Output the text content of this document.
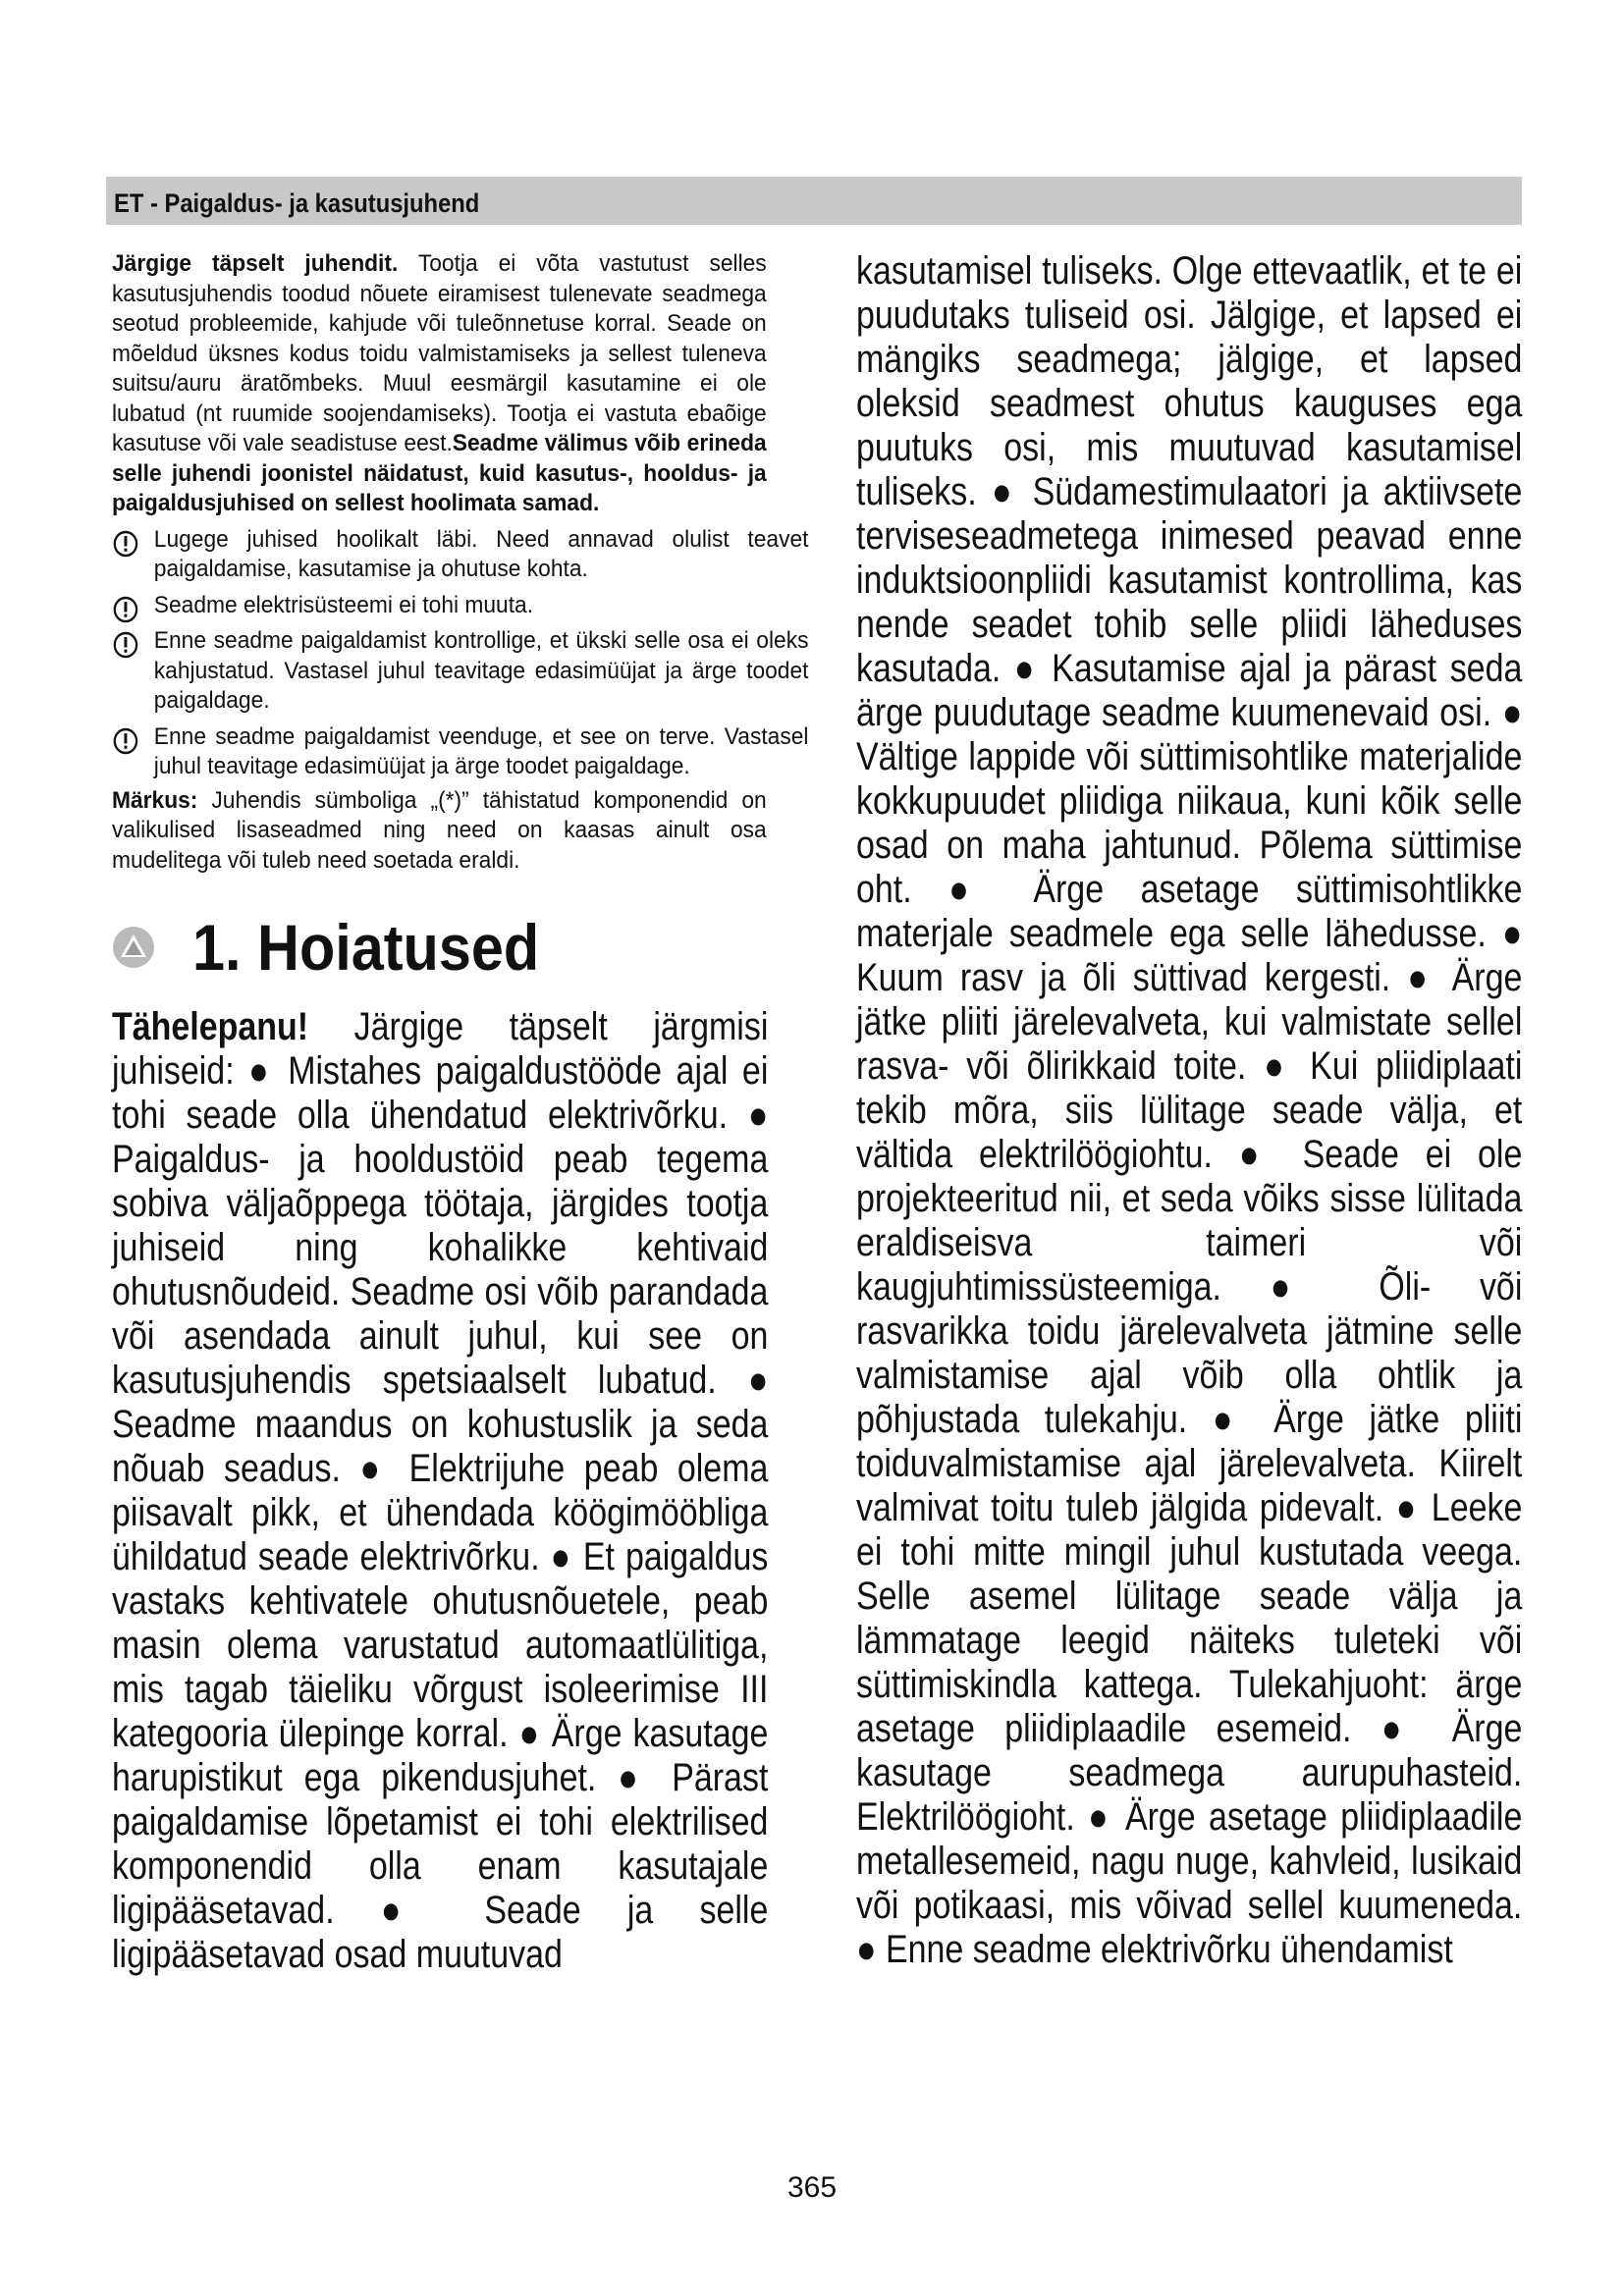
ET - Paigaldus- ja kasutusjuhend

Järgige täpselt juhendit. Tootja ei võta vastutust selles kasutusjuhendis toodud nõuete eiramisest tulenevate seadmega seotud probleemide, kahjude või tuleõnnetuse korral. Seade on mõeldud üksnes kodus toidu valmistamiseks ja sellest tuleneva suitsu/auru äratõmbeks. Muul eesmärgil kasutamine ei ole lubatud (nt ruumide soojendamiseks). Tootja ei vastuta ebaõige kasutuse või vale seadistuse eest.Seadme välimus võib erineda selle juhendi joonistel näidatust, kuid kasutus-, hooldus- ja paigaldusjuhised on sellest hoolimata samad.

Lugege juhised hoolikalt läbi. Need annavad olulist teavet paigaldamise, kasutamise ja ohutuse kohta.

Seadme elektrisüsteemi ei tohi muuta.

Enne seadme paigaldamist kontrollige, et ükski selle osa ei oleks kahjustatud. Vastasel juhul teavitage edasimüüjat ja ärge toodet paigaldage.

Enne seadme paigaldamist veenduge, et see on terve. Vastasel juhul teavitage edasimüüjat ja ärge toodet paigaldage.

Märkus: Juhendis sümboliga „(*)” tähistatud komponendid on valikulised lisaseadmed ning need on kaasas ainult osa mudelitega või tuleb need soetada eraldi.

1. Hoiatused

Tähelepanu! Järgige täpselt järgmisi juhiseid: ● Mistahes paigaldustööde ajal ei tohi seade olla ühendatud elektrivõrku. ● Paigaldus- ja hooldustöid peab tegema sobiva väljaõppega töötaja, järgides tootja juhiseid ning kohalikke kehtivaid ohutusnõudeid. Seadme osi võib parandada või asendada ainult juhul, kui see on kasutusjuhendis spetsiaalselt lubatud. ● Seadme maandus on kohustuslik ja seda nõuab seadus. ● Elektrijuhe peab olema piisavalt pikk, et ühendada köögimööbliga ühildatud seade elektrivõrku. ● Et paigaldus vastaks kehtivatele ohutusnõuetele, peab masin olema varustatud automaatlülitiga, mis tagab täieliku võrgust isoleerimise III kategooria ülepinge korral. ● Ärge kasutage harupistikut ega pikendusjuhet. ● Pärast paigaldamise lõpetamist ei tohi elektrilised komponendid olla enam kasutajale ligipääsetavad. ● Seade ja selle ligipääsetavad osad muutuvad

kasutamisel tuliseks. Olge ettevaatlik, et te ei puudutaks tuliseid osi. Jälgige, et lapsed ei mängiks seadmega; jälgige, et lapsed oleksid seadmest ohutus kauguses ega puutuks osi, mis muutuvad kasutamisel tuliseks. ● Südamestimulaatori ja aktiivsete terviseseadmetega inimesed peavad enne induktsioonpliidi kasutamist kontrollima, kas nende seadet tohib selle pliidi läheduses kasutada. ● Kasutamise ajal ja pärast seda ärge puudutage seadme kuumenevaid osi. ● Vältige lappide või süttimisohtlike materjalide kokkupuudet pliidiga niikaua, kuni kõik selle osad on maha jahtunud. Põlema süttimise oht. ● Ärge asetage süttimisohtlikke materjale seadmele ega selle lähedusse. ● Kuum rasv ja õli süttivad kergesti. ● Ärge jätke pliiti järelevalveta, kui valmistate sellel rasva- või õlirikkaid toite. ● Kui pliidiplaati tekib mõra, siis lülitage seade välja, et vältida elektrilöögiohtu. ● Seade ei ole projekteeritud nii, et seda võiks sisse lülitada eraldiseisva taimeri või kaugjuhtimissüsteemiga. ● Õli- või rasvarikka toidu järelevalveta jätmine selle valmistamise ajal võib olla ohtlik ja põhjustada tulekahju. ● Ärge jätke pliiti toiduvalmistamise ajal järelevalveta. Kiirelt valmivat toitu tuleb jälgida pidevalt. ● Leeke ei tohi mitte mingil juhul kustutada veega. Selle asemel lülitage seade välja ja lämmatage leegid näiteks tuleteki või süttimiskindla kattega. Tulekahjuoht: ärge asetage pliidiplaadile esemeid. ● Ärge kasutage seadmega aurupuhasteid. Elektrilöögioht. ● Ärge asetage pliidiplaadile metallesemeid, nagu nuge, kahvleid, lusikaid või potikaasi, mis võivad sellel kuumeneda. ● Enne seadme elektrivõrku ühendamist

365
